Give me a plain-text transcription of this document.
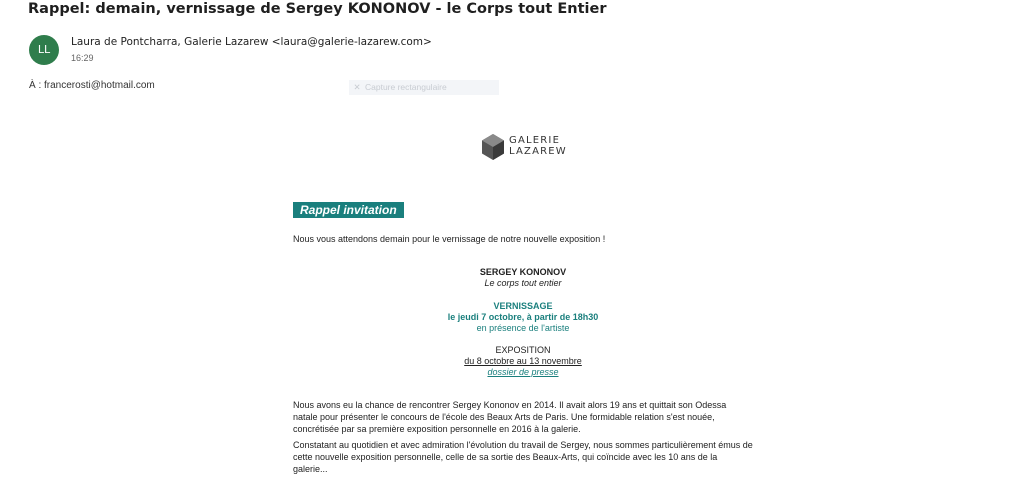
Rappel: demain, vernissage de Sergey KONONOV - le Corps tout Entier
LL
Laura de Pontcharra, Galerie Lazarew <laura@galerie-lazarew.com>
16:29
À : francerosti@hotmail.com	✕ Capture rectangulaire
GALERIE
LAZAREW
Rappel invitation
Nous vous attendons demain pour le vernissage de notre nouvelle exposition !
SERGEY KONONOV
Le corps tout entier
VERNISSAGE
le jeudi 7 octobre, à partir de 18h30
en présence de l'artiste
EXPOSITION
du 8 octobre au 13 novembre
dossier de presse
Nous avons eu la chance de rencontrer Sergey Kononov en 2014. Il avait alors 19 ans et quittait son Odessa natale pour présenter le concours de l'école des Beaux Arts de Paris. Une formidable relation s'est nouée, concrétisée par sa première exposition personnelle en 2016 à la galerie.
Constatant au quotidien et avec admiration l'évolution du travail de Sergey, nous sommes particulièrement émus de cette nouvelle exposition personnelle, celle de sa sortie des Beaux-Arts, qui coïncide avec les 10 ans de la galerie...
